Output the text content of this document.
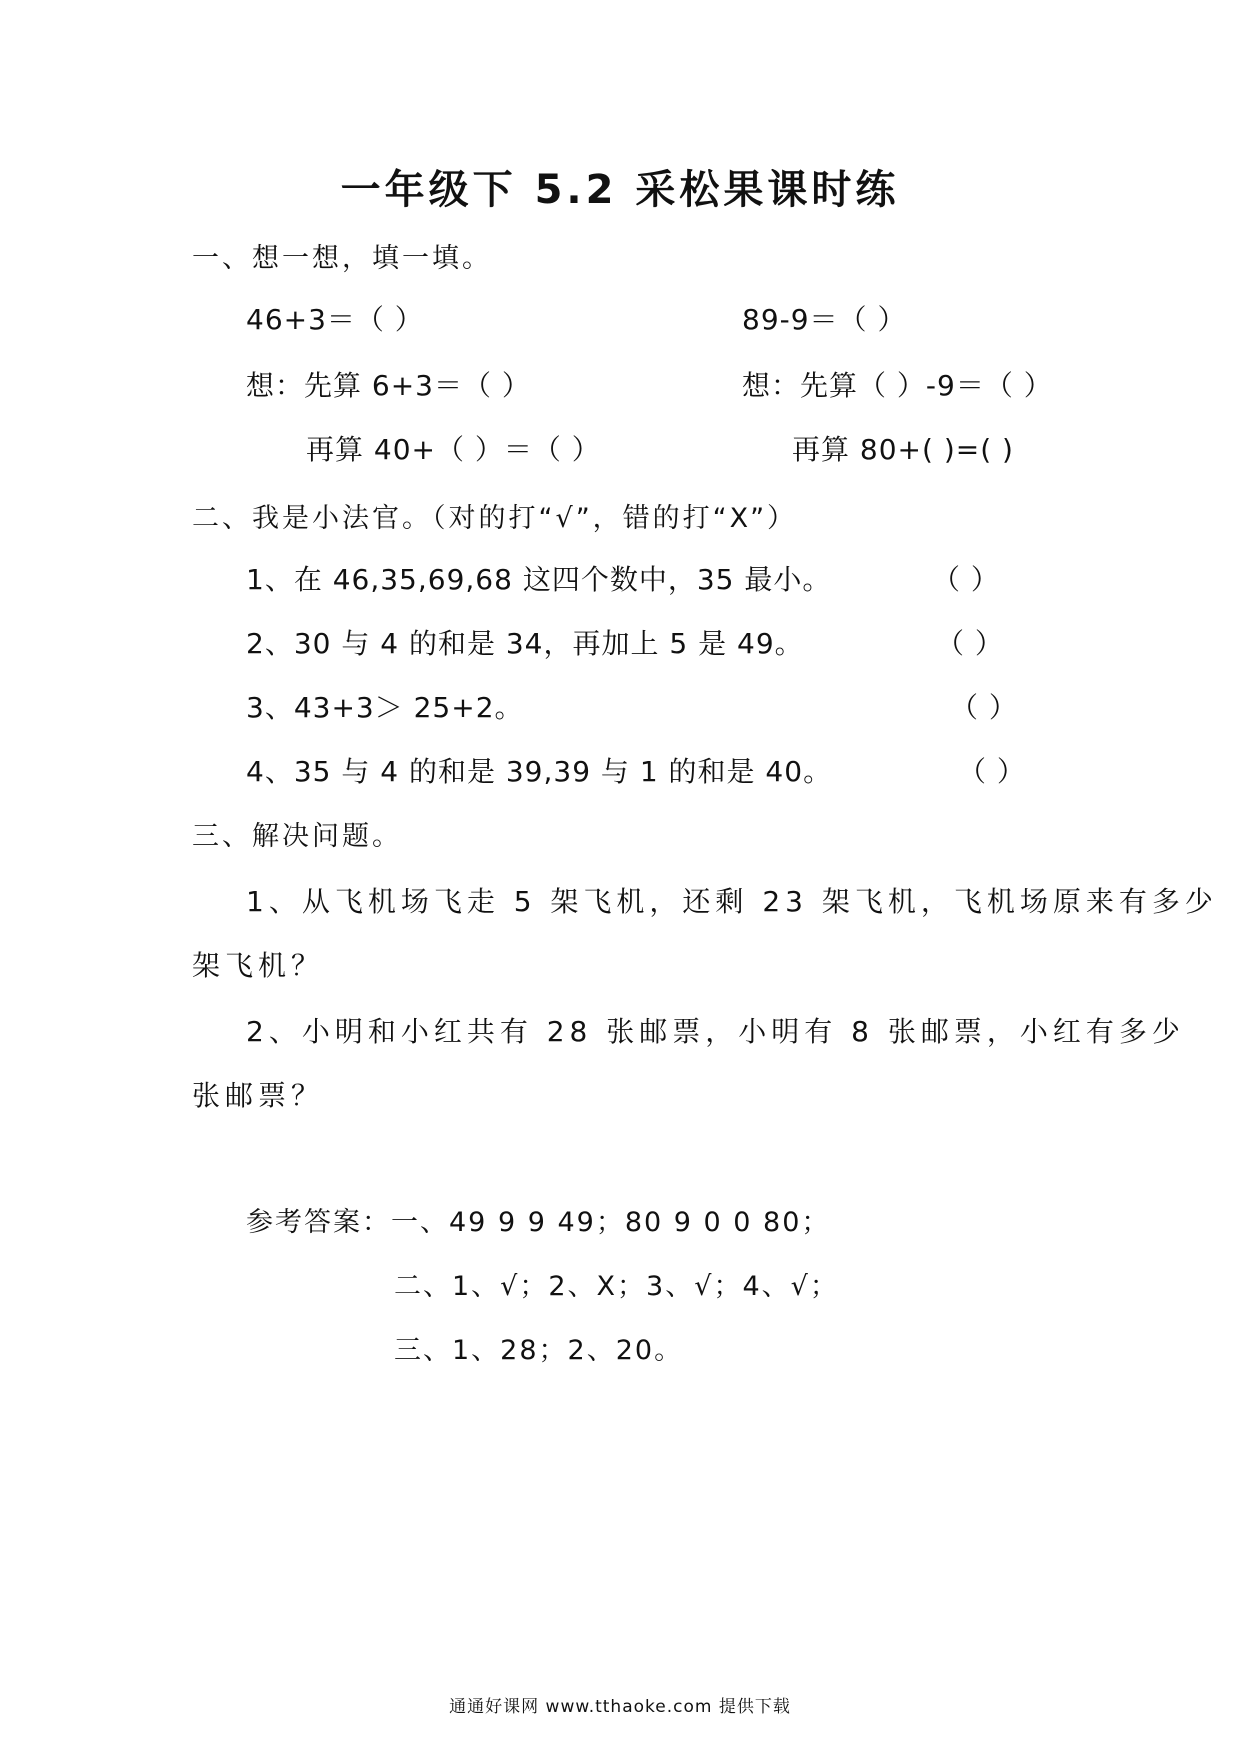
一年级下 5.2 采松果课时练
一、想一想，填一填。
46+3＝（ ）	89-9＝（ ）
想：先算 6+3＝（ ）	想：先算（ ）-9＝（ ）
再算 40+（ ）＝（ ）	再算 80+( )=( )
二、我是小法官。（对的打“√”，错的打“X”）
1、在 46,35,69,68 这四个数中，35 最小。	（ ）
2、30 与 4 的和是 34，再加上 5 是 49。	（ ）
3、43+3＞ 25+2。	（ ）
4、35 与 4 的和是 39,39 与 1 的和是 40。	（ ）
三、解决问题。
1、从飞机场飞走 5 架飞机，还剩 23 架飞机，飞机场原来有多少
架飞机？
2、小明和小红共有 28 张邮票，小明有 8 张邮票，小红有多少
张邮票？
参考答案：一、49 9 9 49；80 9 0 0 80；
二、1、√；2、X；3、√；4、√；
三、1、28；2、20。
通通好课网 www.tthaoke.com 提供下载
